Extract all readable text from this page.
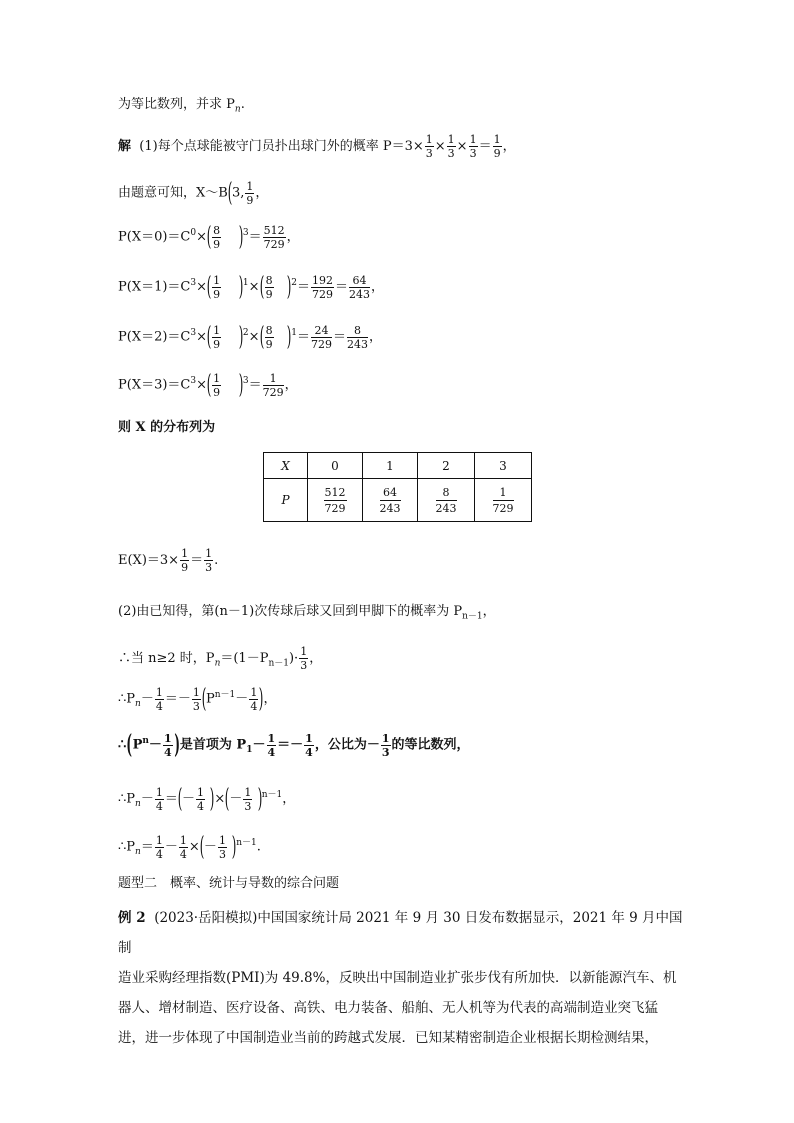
为等比数列，并求 $P_n$.
解 (1)每个点球能被守门员扑出球门外的概率 $P=3\times \frac{1}{3} \times \frac{1}{3} \times \frac{1}{3} = \frac{1}{9}$ ，
由题意可知，X～B(3, $\frac{1}{9}$ ，
$P(X=0)=C^0\times( \frac{8}{9} )^3= \frac{512}{729}$ ，
$P(X=1)=C^3\times( \frac{1}{9} )^1\times( \frac{8}{9} )^2= \frac{192}{729} = \frac{64}{243}$ ，
$P(X=2)=C^3\times( \frac{1}{9} )^2\times( \frac{8}{9} )^1= \frac{24}{729} = \frac{8}{243}$ ，
$P(X=3)=C^3\times( \frac{1}{9} )^3= \frac{1}{729}$ ，
则 X 的分布列为
X	0	1	2	3
P	$\frac{512}{729}$	$\frac{64}{243}$	$\frac{8}{243}$	$\frac{1}{729}$
$E(X)=3\times \frac{1}{9} = \frac{1}{3}$ .
(2)由已知得，第(n－1)次传球后球又回到甲脚下的概率为 $P_{n-1}$，
∴当 n≥2 时，$P_n=(1-P_{n-1})\cdot \frac{1}{3}$ ，
$\therefore P_n- \frac{1}{4} =- \frac{1}{3} (P^{n-1}- \frac{1}{4}$ )，
$\therefore(P^n- \frac{1}{4}$ )是首项为 $P_1- \frac{1}{4} =- \frac{1}{4}$ ，公比为－ $\frac{1}{3}$ 的等比数列，
$\therefore P_n- \frac{1}{4}$ ＝(－ $\frac{1}{4}$ )×(－ $\frac{1}{3} )^{n-1}$，
$\therefore P_n= \frac{1}{4} - \frac{1}{4}$ ×(－ $\frac{1}{3} )^{n-1}$.
题型二　概率、统计与导数的综合问题
例 2 (2023·岳阳模拟)中国国家统计局 2021 年 9 月 30 日发布数据显示，2021 年 9 月中国制
造业采购经理指数(PMI)为 49.8%，反映出中国制造业扩张步伐有所加快．以新能源汽车、机
器人、增材制造、医疗设备、高铁、电力装备、船舶、无人机等为代表的高端制造业突飞猛
进，进一步体现了中国制造业当前的跨越式发展．已知某精密制造企业根据长期检测结果，
